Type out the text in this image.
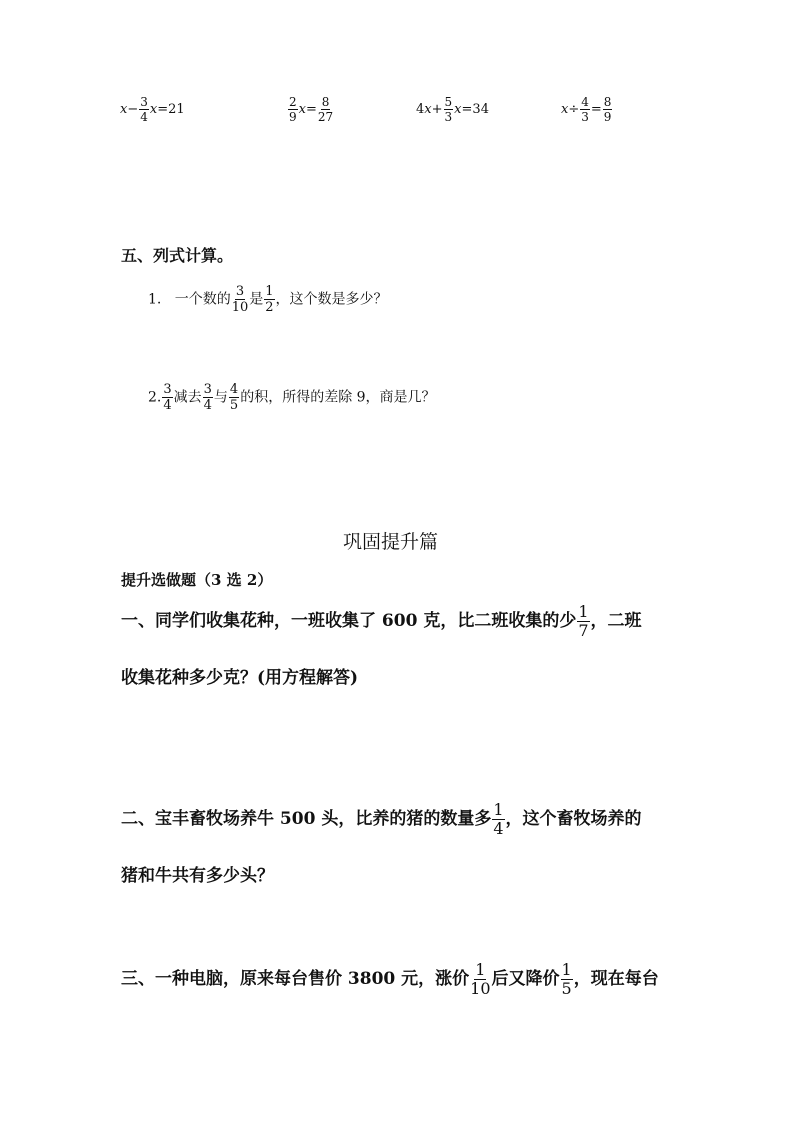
$x- \frac{3}{4} x=21$	$\frac{2}{9} x= \frac{8}{27}$	$4x+ \frac{5}{3} x=34$	$x\div \frac{4}{3} = \frac{8}{9}$
五、列式计算。
1.   一个数的 $\frac{3}{10}$ 是 $\frac{1}{2}$ ，这个数是多少？
2. $\frac{3}{4}$ 减去 $\frac{3}{4}$ 与 $\frac{4}{5}$ 的积，所得的差除 9，商是几？
巩固提升篇
提升选做题（3 选 2）
一、同学们收集花种，一班收集了 600 克，比二班收集的少 $\frac{1}{7}$ ，二班
收集花种多少克？(用方程解答)
二、宝丰畜牧场养牛 500 头，比养的猪的数量多 $\frac{1}{4}$ ，这个畜牧场养的
猪和牛共有多少头？
三、一种电脑，原来每台售价 3800 元，涨价 $\frac{1}{10}$ 后又降价 $\frac{1}{5}$ ，现在每台
